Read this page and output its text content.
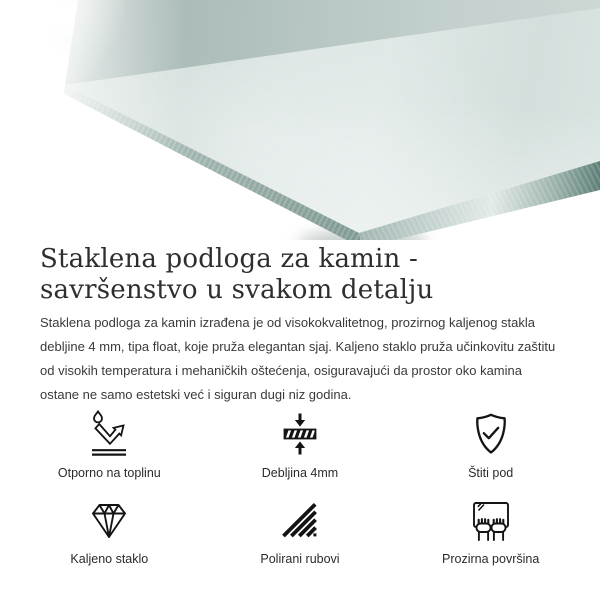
Staklena podloga za kamin -
savršenstvo u svakom detalju

Staklena podloga za kamin izrađena je od visokokvalitetnog, prozirnog kaljenog stakla debljine 4 mm, tipa float, koje pruža elegantan sjaj. Kaljeno staklo pruža učinkovitu zaštitu od visokih temperatura i mehaničkih oštećenja, osiguravajući da prostor oko kamina ostane ne samo estetski već i siguran dugi niz godina.

Otporno na toplinu	Debljina 4mm	Štiti pod
Kaljeno staklo	Polirani rubovi	Prozirna površina
